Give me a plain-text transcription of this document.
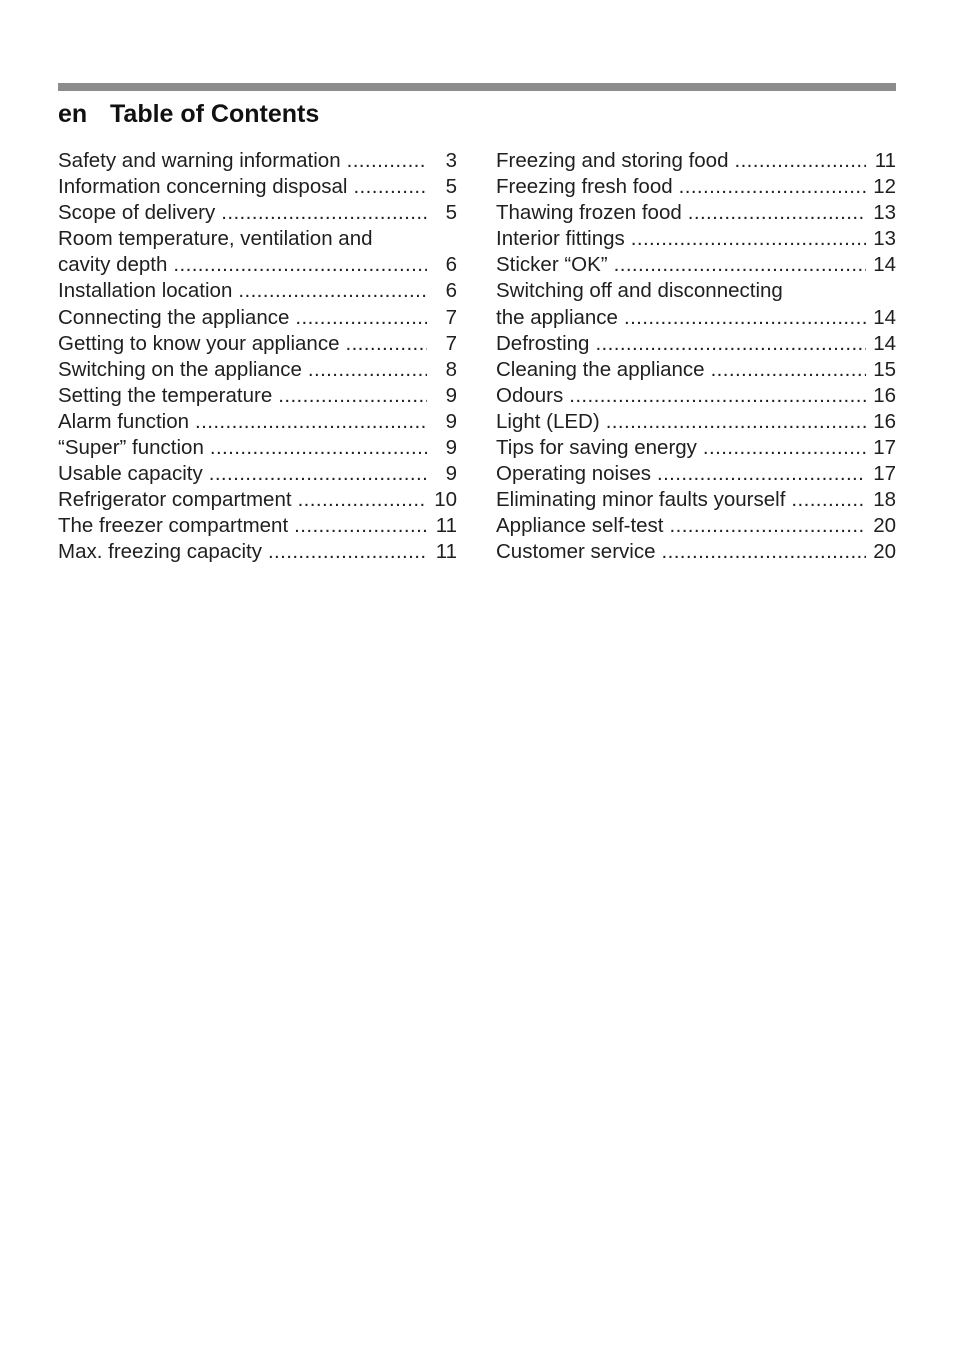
en Table of Contents
Safety and warning information .....	3
Information concerning disposal .....	5
Scope of delivery .....	5
Room temperature, ventilation and
cavity depth .....	6
Installation location .....	6
Connecting the appliance .....	7
Getting to know your appliance .....	7
Switching on the appliance .....	8
Setting the temperature .....	9
Alarm function .....	9
“Super” function .....	9
Usable capacity .....	9
Refrigerator compartment .....	10
The freezer compartment .....	11
Max. freezing capacity .....	11
Freezing and storing food .....	11
Freezing fresh food .....	12
Thawing frozen food .....	13
Interior fittings .....	13
Sticker “OK” .....	14
Switching off and disconnecting
the appliance .....	14
Defrosting .....	14
Cleaning the appliance .....	15
Odours .....	16
Light (LED) .....	16
Tips for saving energy .....	17
Operating noises .....	17
Eliminating minor faults yourself .....	18
Appliance self-test .....	20
Customer service .....	20
